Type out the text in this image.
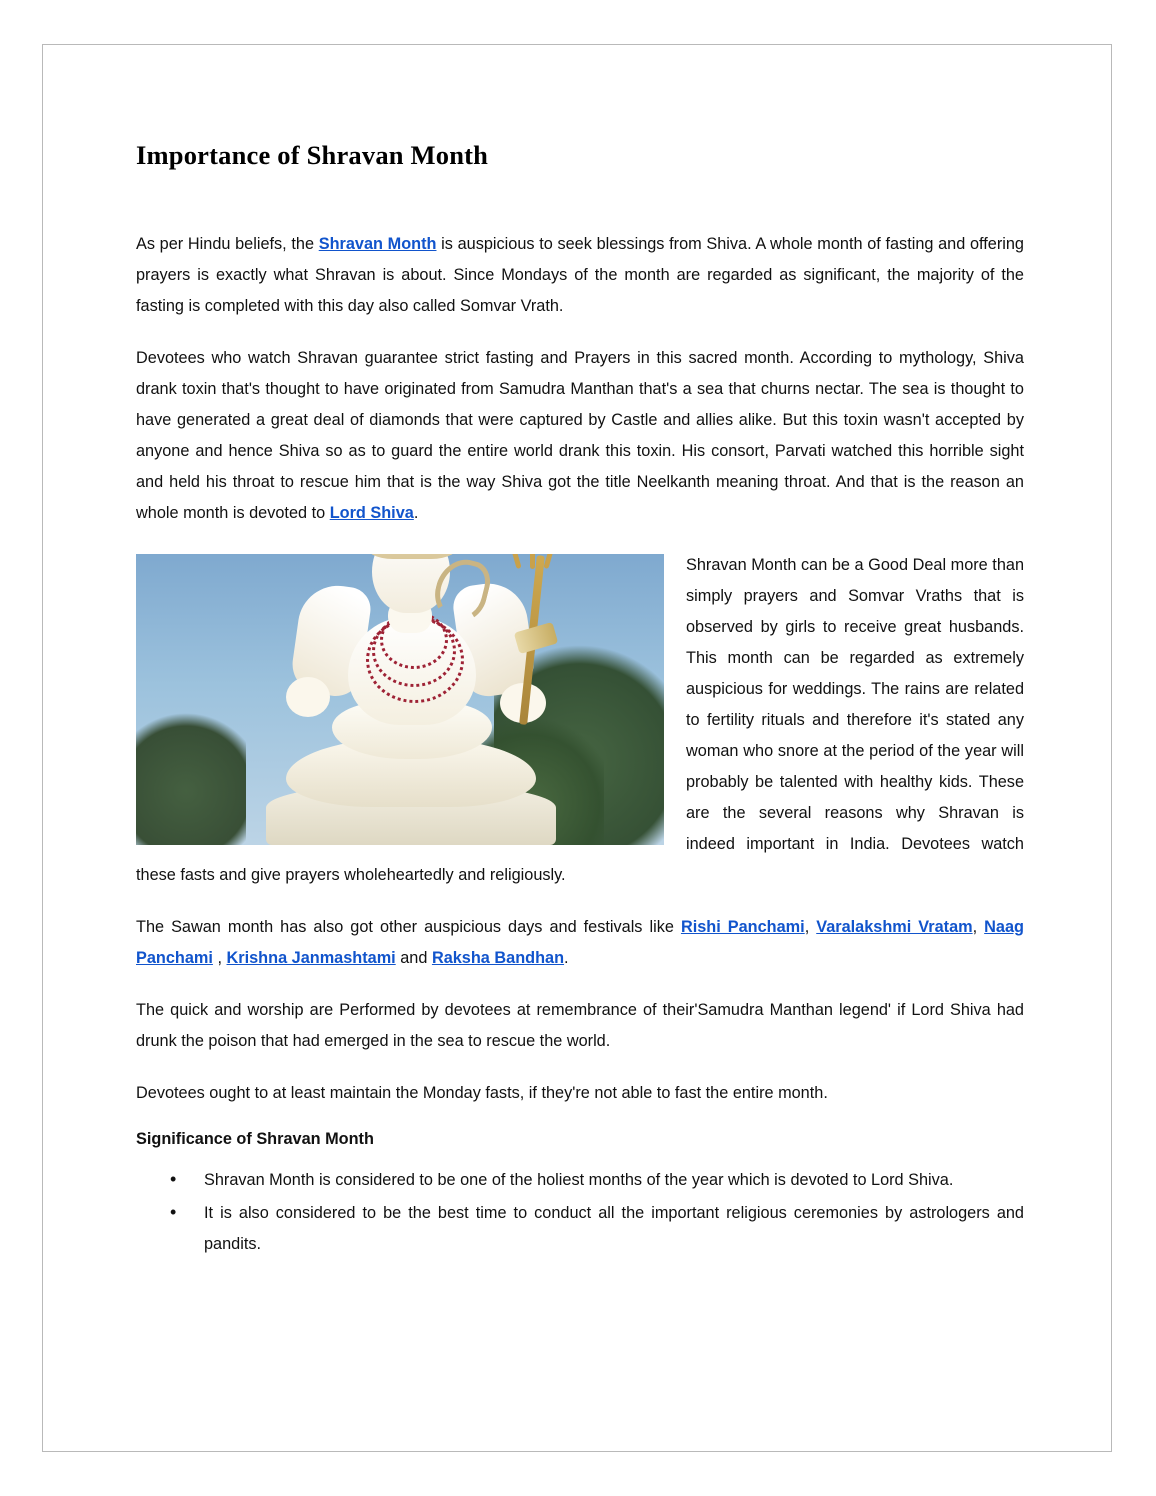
Importance of Shravan Month

As per Hindu beliefs, the Shravan Month is auspicious to seek blessings from Shiva. A whole month of fasting and offering prayers is exactly what Shravan is about. Since Mondays of the month are regarded as significant, the majority of the fasting is completed with this day also called Somvar Vrath.

Devotees who watch Shravan guarantee strict fasting and Prayers in this sacred month. According to mythology, Shiva drank toxin that's thought to have originated from Samudra Manthan that's a sea that churns nectar. The sea is thought to have generated a great deal of diamonds that were captured by Castle and allies alike. But this toxin wasn't accepted by anyone and hence Shiva so as to guard the entire world drank this toxin. His consort, Parvati watched this horrible sight and held his throat to rescue him that is the way Shiva got the title Neelkanth meaning throat. And that is the reason an whole month is devoted to Lord Shiva.

Shravan Month can be a Good Deal more than simply prayers and Somvar Vraths that is observed by girls to receive great husbands. This month can be regarded as extremely auspicious for weddings. The rains are related to fertility rituals and therefore it's stated any woman who snore at the period of the year will probably be talented with healthy kids. These are the several reasons why Shravan is indeed important in India. Devotees watch these fasts and give prayers wholeheartedly and religiously.

The Sawan month has also got other auspicious days and festivals like Rishi Panchami, Varalakshmi Vratam, Naag Panchami , Krishna Janmashtami and Raksha Bandhan.

The quick and worship are Performed by devotees at remembrance of their'Samudra Manthan legend' if Lord Shiva had drunk the poison that had emerged in the sea to rescue the world.

Devotees ought to at least maintain the Monday fasts, if they're not able to fast the entire month.

Significance of Shravan Month
• Shravan Month is considered to be one of the holiest months of the year which is devoted to Lord Shiva.
• It is also considered to be the best time to conduct all the important religious ceremonies by astrologers and pandits.
